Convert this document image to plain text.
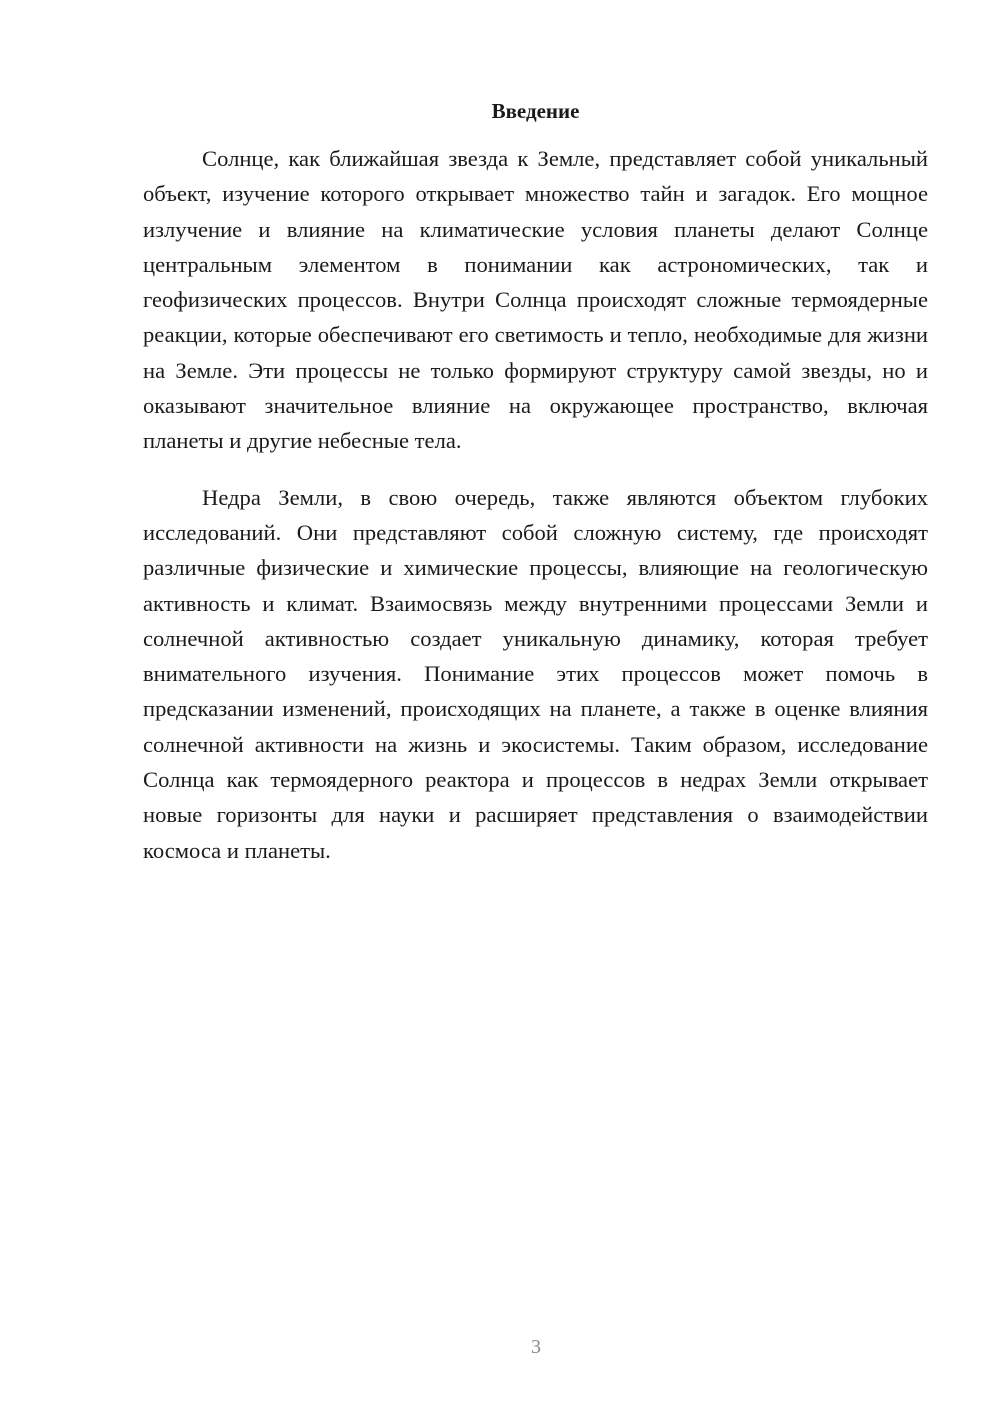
Введение

Солнце, как ближайшая звезда к Земле, представляет собой уникальный объект, изучение которого открывает множество тайн и загадок. Его мощное излучение и влияние на климатические условия планеты делают Солнце центральным элементом в понимании как астрономических, так и геофизических процессов. Внутри Солнца происходят сложные термоядерные реакции, которые обеспечивают его светимость и тепло, необходимые для жизни на Земле. Эти процессы не только формируют структуру самой звезды, но и оказывают значительное влияние на окружающее пространство, включая планеты и другие небесные тела.

Недра Земли, в свою очередь, также являются объектом глубоких исследований. Они представляют собой сложную систему, где происходят различные физические и химические процессы, влияющие на геологическую активность и климат. Взаимосвязь между внутренними процессами Земли и солнечной активностью создает уникальную динамику, которая требует внимательного изучения. Понимание этих процессов может помочь в предсказании изменений, происходящих на планете, а также в оценке влияния солнечной активности на жизнь и экосистемы. Таким образом, исследование Солнца как термоядерного реактора и процессов в недрах Земли открывает новые горизонты для науки и расширяет представления о взаимодействии космоса и планеты.

3
